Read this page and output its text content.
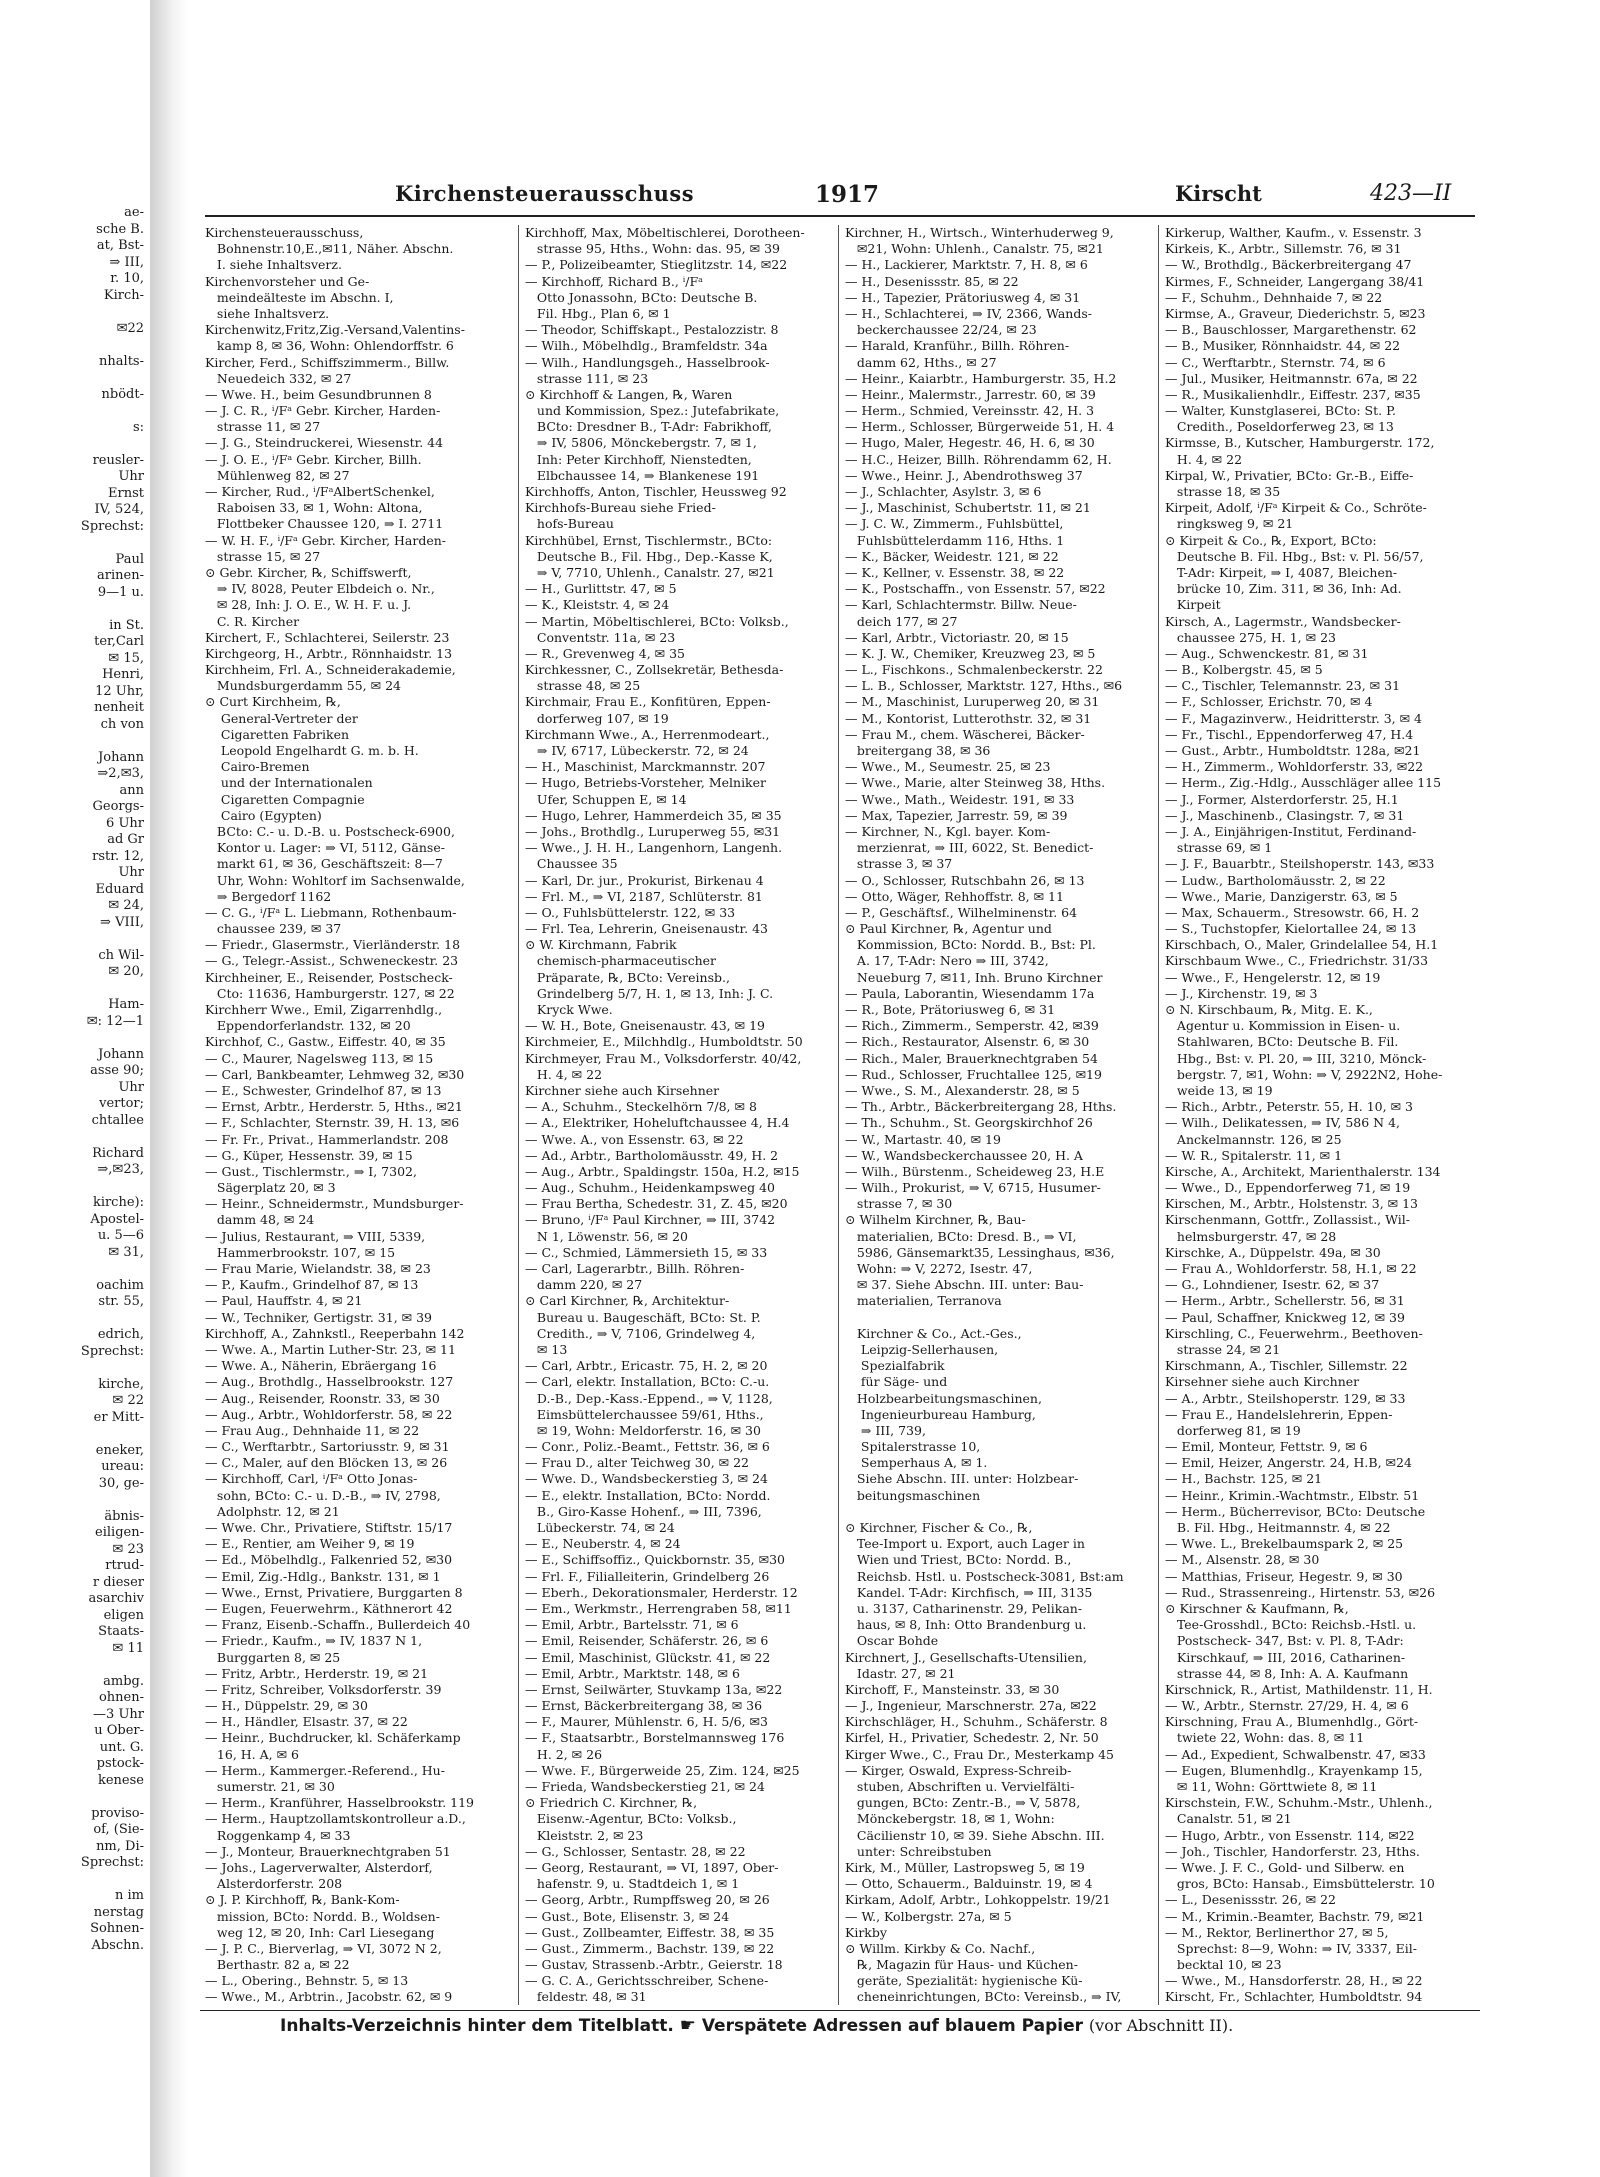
ae-
sche B.
at, Bst-
⇒ III,
r. 10,
Kirch-
✉22
nhalts-
nbödt-
s:
reusler-
Uhr
Ernst
IV, 524,
Sprechst:
Paul
arinen-
9—1 u.
in St.
ter,Carl
✉ 15,
Henri,
12 Uhr,
nenheit
ch von
Johann
⇒2,✉3,
ann
Georgs-
6 Uhr
ad Gr
rstr. 12,
Uhr
Eduard
✉ 24,
⇒ VIII,
ch Wil-
✉ 20,
Ham-
✉: 12—1
Johann
asse 90;
Uhr
vertor;
chtallee
Richard
⇒,✉23,
kirche):
Apostel-
u. 5—6
✉ 31,
oachim
str. 55,
edrich,
Sprechst:
kirche,
✉ 22
er Mitt-
eneker,
ureau:
30, ge-
äbnis-
eiligen-
✉ 23
rtrud-
r dieser
asarchiv
eligen
Staats-
✉ 11
ambg.
ohnen-
—3 Uhr
u Ober-
unt. G.
pstock-
kenese
proviso-
of, (Sie-
nm, Di-
Sprechst:
n im
nerstag
Sohnen-
Abschn.
Kirchensteuerausschuss	1917	Kirscht	423—II
Kirchensteuerausschuss,
Bohnenstr.10,E.,✉11, Näher. Abschn.
I. siehe Inhaltsverz.
Kirchenvorsteher und Ge-
meindeälteste im Abschn. I,
siehe Inhaltsverz.
Kirchenwitz,Fritz,Zig.-Versand,Valentins-
kamp 8, ✉ 36, Wohn: Ohlendorffstr. 6
Kircher, Ferd., Schiffszimmerm., Billw.
Neuedeich 332, ✉ 27
— Wwe. H., beim Gesundbrunnen 8
— J. C. R., ⁱ/Fᵃ Gebr. Kircher, Harden-
strasse 11, ✉ 27
— J. G., Steindruckerei, Wiesenstr. 44
— J. O. E., ⁱ/Fᵃ Gebr. Kircher, Billh.
Mühlenweg 82, ✉ 27
— Kircher, Rud., ⁱ/FᵃAlbertSchenkel,
Raboisen 33, ✉ 1, Wohn: Altona,
Flottbeker Chaussee 120, ⇒ I. 2711
— W. H. F., ⁱ/Fᵃ Gebr. Kircher, Harden-
strasse 15, ✉ 27
⊙ Gebr. Kircher, ℞, Schiffswerft,
⇒ IV, 8028, Peuter Elbdeich o. Nr.,
✉ 28, Inh: J. O. E., W. H. F. u. J.
C. R. Kircher
Kirchert, F., Schlachterei, Seilerstr. 23
Kirchgeorg, H., Arbtr., Rönnhaidstr. 13
Kirchheim, Frl. A., Schneiderakademie,
Mundsburgerdamm 55, ✉ 24
⊙ Curt Kirchheim, ℞,
General-Vertreter der
Cigaretten Fabriken
Leopold Engelhardt G. m. b. H.
Cairo-Bremen
und der Internationalen
Cigaretten Compagnie
Cairo (Egypten)
BCto: C.- u. D.-B. u. Postscheck-6900,
Kontor u. Lager: ⇒ VI, 5112, Gänse-
markt 61, ✉ 36, Geschäftszeit: 8—7
Uhr, Wohn: Wohltorf im Sachsenwalde,
⇒ Bergedorf 1162
— C. G., ⁱ/Fᵃ L. Liebmann, Rothenbaum-
chaussee 239, ✉ 37
— Friedr., Glasermstr., Vierländerstr. 18
— G., Telegr.-Assist., Schweneckestr. 23
Kirchheiner, E., Reisender, Postscheck-
Cto: 11636, Hamburgerstr. 127, ✉ 22
Kirchherr Wwe., Emil, Zigarrenhdlg.,
Eppendorferlandstr. 132, ✉ 20
Kirchhof, C., Gastw., Eiffestr. 40, ✉ 35
— C., Maurer, Nagelsweg 113, ✉ 15
— Carl, Bankbeamter, Lehmweg 32, ✉30
— E., Schwester, Grindelhof 87, ✉ 13
— Ernst, Arbtr., Herderstr. 5, Hths., ✉21
— F., Schlachter, Sternstr. 39, H. 13, ✉6
— Fr. Fr., Privat., Hammerlandstr. 208
— G., Küper, Hessenstr. 39, ✉ 15
— Gust., Tischlermstr., ⇒ I, 7302,
Sägerplatz 20, ✉ 3
— Heinr., Schneidermstr., Mundsburger-
damm 48, ✉ 24
— Julius, Restaurant, ⇒ VIII, 5339,
Hammerbrookstr. 107, ✉ 15
— Frau Marie, Wielandstr. 38, ✉ 23
— P., Kaufm., Grindelhof 87, ✉ 13
— Paul, Hauffstr. 4, ✉ 21
— W., Techniker, Gertigstr. 31, ✉ 39
Kirchhoff, A., Zahnkstl., Reeperbahn 142
— Wwe. A., Martin Luther-Str. 23, ✉ 11
— Wwe. A., Näherin, Ebräergang 16
— Aug., Brothdlg., Hasselbrookstr. 127
— Aug., Reisender, Roonstr. 33, ✉ 30
— Aug., Arbtr., Wohldorferstr. 58, ✉ 22
— Frau Aug., Dehnhaide 11, ✉ 22
— C., Werftarbtr., Sartoriusstr. 9, ✉ 31
— C., Maler, auf den Blöcken 13, ✉ 26
— Kirchhoff, Carl, ⁱ/Fᵃ Otto Jonas-
sohn, BCto: C.- u. D.-B., ⇒ IV, 2798,
Adolphstr. 12, ✉ 21
— Wwe. Chr., Privatiere, Stiftstr. 15/17
— E., Rentier, am Weiher 9, ✉ 19
— Ed., Möbelhdlg., Falkenried 52, ✉30
— Emil, Zig.-Hdlg., Bankstr. 131, ✉ 1
— Wwe., Ernst, Privatiere, Burggarten 8
— Eugen, Feuerwehrm., Käthnerort 42
— Franz, Eisenb.-Schaffn., Bullerdeich 40
— Friedr., Kaufm., ⇒ IV, 1837 N 1,
Burggarten 8, ✉ 25
— Fritz, Arbtr., Herderstr. 19, ✉ 21
— Fritz, Schreiber, Volksdorferstr. 39
— H., Düppelstr. 29, ✉ 30
— H., Händler, Elsastr. 37, ✉ 22
— Heinr., Buchdrucker, kl. Schäferkamp
16, H. A, ✉ 6
— Herm., Kammerger.-Referend., Hu-
sumerstr. 21, ✉ 30
— Herm., Kranführer, Hasselbrookstr. 119
— Herm., Hauptzollamtskontrolleur a.D.,
Roggenkamp 4, ✉ 33
— J., Monteur, Brauerknechtgraben 51
— Johs., Lagerverwalter, Alsterdorf,
Alsterdorferstr. 208
⊙ J. P. Kirchhoff, ℞, Bank-Kom-
mission, BCto: Nordd. B., Woldsen-
weg 12, ✉ 20, Inh: Carl Liesegang
— J. P. C., Bierverlag, ⇒ VI, 3072 N 2,
Berthastr. 82 a, ✉ 22
— L., Obering., Behnstr. 5, ✉ 13
— Wwe., M., Arbtrin., Jacobstr. 62, ✉ 9
Kirchhoff, Max, Möbeltischlerei, Dorotheen-
strasse 95, Hths., Wohn: das. 95, ✉ 39
— P., Polizeibeamter, Stieglitzstr. 14, ✉22
— Kirchhoff, Richard B., ⁱ/Fᵃ
Otto Jonassohn, BCto: Deutsche B.
Fil. Hbg., Plan 6, ✉ 1
— Theodor, Schiffskapt., Pestalozzistr. 8
— Wilh., Möbelhdlg., Bramfeldstr. 34a
— Wilh., Handlungsgeh., Hasselbrook-
strasse 111, ✉ 23
⊙ Kirchhoff & Langen, ℞, Waren
und Kommission, Spez.: Jutefabrikate,
BCto: Dresdner B., T-Adr: Fabrikhoff,
⇒ IV, 5806, Mönckebergstr. 7, ✉ 1,
Inh: Peter Kirchhoff, Nienstedten,
Elbchaussee 14, ⇒ Blankenese 191
Kirchhoffs, Anton, Tischler, Heussweg 92
Kirchhofs-Bureau siehe Fried-
hofs-Bureau
Kirchhübel, Ernst, Tischlermstr., BCto:
Deutsche B., Fil. Hbg., Dep.-Kasse K,
⇒ V, 7710, Uhlenh., Canalstr. 27, ✉21
— H., Gurlittstr. 47, ✉ 5
— K., Kleiststr. 4, ✉ 24
— Martin, Möbeltischlerei, BCto: Volksb.,
Conventstr. 11a, ✉ 23
— R., Grevenweg 4, ✉ 35
Kirchkessner, C., Zollsekretär, Bethesda-
strasse 48, ✉ 25
Kirchmair, Frau E., Konfitüren, Eppen-
dorferweg 107, ✉ 19
Kirchmann Wwe., A., Herrenmodeart.,
⇒ IV, 6717, Lübeckerstr. 72, ✉ 24
— H., Maschinist, Marckmannstr. 207
— Hugo, Betriebs-Vorsteher, Melniker
Ufer, Schuppen E, ✉ 14
— Hugo, Lehrer, Hammerdeich 35, ✉ 35
— Johs., Brothdlg., Luruperweg 55, ✉31
— Wwe., J. H. H., Langenhorn, Langenh.
Chaussee 35
— Karl, Dr. jur., Prokurist, Birkenau 4
— Frl. M., ⇒ VI, 2187, Schlüterstr. 81
— O., Fuhlsbüttelerstr. 122, ✉ 33
— Frl. Tea, Lehrerin, Gneisenaustr. 43
⊙ W. Kirchmann, Fabrik
chemisch-pharmaceutischer
Präparate, ℞, BCto: Vereinsb.,
Grindelberg 5/7, H. 1, ✉ 13, Inh: J. C.
Kryck Wwe.
— W. H., Bote, Gneisenaustr. 43, ✉ 19
Kirchmeier, E., Milchhdlg., Humboldtstr. 50
Kirchmeyer, Frau M., Volksdorferstr. 40/42,
H. 4, ✉ 22
Kirchner siehe auch Kirsehner
— A., Schuhm., Steckelhörn 7/8, ✉ 8
— A., Elektriker, Hoheluftchaussee 4, H.4
— Wwe. A., von Essenstr. 63, ✉ 22
— Ad., Arbtr., Bartholomäusstr. 49, H. 2
— Aug., Arbtr., Spaldingstr. 150a, H.2, ✉15
— Aug., Schuhm., Heidenkampsweg 40
— Frau Bertha, Schedestr. 31, Z. 45, ✉20
— Bruno, ⁱ/Fᵃ Paul Kirchner, ⇒ III, 3742
N 1, Löwenstr. 56, ✉ 20
— C., Schmied, Lämmersieth 15, ✉ 33
— Carl, Lagerarbtr., Billh. Röhren-
damm 220, ✉ 27
⊙ Carl Kirchner, ℞, Architektur-
Bureau u. Baugeschäft, BCto: St. P.
Credith., ⇒ V, 7106, Grindelweg 4,
✉ 13
— Carl, Arbtr., Ericastr. 75, H. 2, ✉ 20
— Carl, elektr. Installation, BCto: C.-u.
D.-B., Dep.-Kass.-Eppend., ⇒ V, 1128,
Eimsbüttelerchaussee 59/61, Hths.,
✉ 19, Wohn: Meldorferstr. 16, ✉ 30
— Conr., Poliz.-Beamt., Fettstr. 36, ✉ 6
— Frau D., alter Teichweg 30, ✉ 22
— Wwe. D., Wandsbeckerstieg 3, ✉ 24
— E., elektr. Installation, BCto: Nordd.
B., Giro-Kasse Hohenf., ⇒ III, 7396,
Lübeckerstr. 74, ✉ 24
— E., Neuberstr. 4, ✉ 24
— E., Schiffsoffiz., Quickbornstr. 35, ✉30
— Frl. F., Filialleiterin, Grindelberg 26
— Eberh., Dekorationsmaler, Herderstr. 12
— Em., Werkmstr., Herrengraben 58, ✉11
— Emil, Arbtr., Bartelsstr. 71, ✉ 6
— Emil, Reisender, Schäferstr. 26, ✉ 6
— Emil, Maschinist, Glückstr. 41, ✉ 22
— Emil, Arbtr., Marktstr. 148, ✉ 6
— Ernst, Seilwärter, Stuvkamp 13a, ✉22
— Ernst, Bäckerbreitergang 38, ✉ 36
— F., Maurer, Mühlenstr. 6, H. 5/6, ✉3
— F., Staatsarbtr., Borstelmannsweg 176
H. 2, ✉ 26
— Wwe. F., Bürgerweide 25, Zim. 124, ✉25
— Frieda, Wandsbeckerstieg 21, ✉ 24
⊙ Friedrich C. Kirchner, ℞,
Eisenw.-Agentur, BCto: Volksb.,
Kleiststr. 2, ✉ 23
— G., Schlosser, Sentastr. 28, ✉ 22
— Georg, Restaurant, ⇒ VI, 1897, Ober-
hafenstr. 9, u. Stadtdeich 1, ✉ 1
— Georg, Arbtr., Rumpffsweg 20, ✉ 26
— Gust., Bote, Elisenstr. 3, ✉ 24
— Gust., Zollbeamter, Eiffestr. 38, ✉ 35
— Gust., Zimmerm., Bachstr. 139, ✉ 22
— Gustav, Strassenb.-Arbtr., Geierstr. 18
— G. C. A., Gerichtsschreiber, Schene-
feldestr. 48, ✉ 31
Kirchner, H., Wirtsch., Winterhuderweg 9,
✉21, Wohn: Uhlenh., Canalstr. 75, ✉21
— H., Lackierer, Marktstr. 7, H. 8, ✉ 6
— H., Desenissstr. 85, ✉ 22
— H., Tapezier, Prätoriusweg 4, ✉ 31
— H., Schlachterei, ⇒ IV, 2366, Wands-
beckerchaussee 22/24, ✉ 23
— Harald, Kranführ., Billh. Röhren-
damm 62, Hths., ✉ 27
— Heinr., Kaiarbtr., Hamburgerstr. 35, H.2
— Heinr., Malermstr., Jarrestr. 60, ✉ 39
— Herm., Schmied, Vereinsstr. 42, H. 3
— Herm., Schlosser, Bürgerweide 51, H. 4
— Hugo, Maler, Hegestr. 46, H. 6, ✉ 30
— H.C., Heizer, Billh. Röhrendamm 62, H.
— Wwe., Heinr. J., Abendrothsweg 37
— J., Schlachter, Asylstr. 3, ✉ 6
— J., Maschinist, Schubertstr. 11, ✉ 21
— J. C. W., Zimmerm., Fuhlsbüttel,
Fuhlsbüttelerdamm 116, Hths. 1
— K., Bäcker, Weidestr. 121, ✉ 22
— K., Kellner, v. Essenstr. 38, ✉ 22
— K., Postschaffn., von Essenstr. 57, ✉22
— Karl, Schlachtermstr. Billw. Neue-
deich 177, ✉ 27
— Karl, Arbtr., Victoriastr. 20, ✉ 15
— K. J. W., Chemiker, Kreuzweg 23, ✉ 5
— L., Fischkons., Schmalenbeckerstr. 22
— L. B., Schlosser, Marktstr. 127, Hths., ✉6
— M., Maschinist, Luruperweg 20, ✉ 31
— M., Kontorist, Lutterothstr. 32, ✉ 31
— Frau M., chem. Wäscherei, Bäcker-
breitergang 38, ✉ 36
— Wwe., M., Seumestr. 25, ✉ 23
— Wwe., Marie, alter Steinweg 38, Hths.
— Wwe., Math., Weidestr. 191, ✉ 33
— Max, Tapezier, Jarrestr. 59, ✉ 39
— Kirchner, N., Kgl. bayer. Kom-
merzienrat, ⇒ III, 6022, St. Benedict-
strasse 3, ✉ 37
— O., Schlosser, Rutschbahn 26, ✉ 13
— Otto, Wäger, Rehhoffstr. 8, ✉ 11
— P., Geschäftsf., Wilhelminenstr. 64
⊙ Paul Kirchner, ℞, Agentur und
Kommission, BCto: Nordd. B., Bst: Pl.
A. 17, T-Adr: Nero ⇒ III, 3742,
Neueburg 7, ✉11, Inh. Bruno Kirchner
— Paula, Laborantin, Wiesendamm 17a
— R., Bote, Prätoriusweg 6, ✉ 31
— Rich., Zimmerm., Semperstr. 42, ✉39
— Rich., Restaurator, Alsenstr. 6, ✉ 30
— Rich., Maler, Brauerknechtgraben 54
— Rud., Schlosser, Fruchtallee 125, ✉19
— Wwe., S. M., Alexanderstr. 28, ✉ 5
— Th., Arbtr., Bäckerbreitergang 28, Hths.
— Th., Schuhm., St. Georgskirchhof 26
— W., Martastr. 40, ✉ 19
— W., Wandsbeckerchaussee 20, H. A
— Wilh., Bürstenm., Scheideweg 23, H.E
— Wilh., Prokurist, ⇒ V, 6715, Husumer-
strasse 7, ✉ 30
⊙ Wilhelm Kirchner, ℞, Bau-
materialien, BCto: Dresd. B., ⇒ VI,
5986, Gänsemarkt35, Lessinghaus, ✉36,
Wohn: ⇒ V, 2272, Isestr. 47,
✉ 37. Siehe Abschn. III. unter: Bau-
materialien, Terranova
Kirchner & Co., Act.-Ges.,
Leipzig-Sellerhausen,
Spezialfabrik
für Säge- und
Holzbearbeitungsmaschinen,
Ingenieurbureau Hamburg,
⇒ III, 739,
Spitalerstrasse 10,
Semperhaus A, ✉ 1.
Siehe Abschn. III. unter: Holzbear-
beitungsmaschinen
⊙ Kirchner, Fischer & Co., ℞,
Tee-Import u. Export, auch Lager in
Wien und Triest, BCto: Nordd. B.,
Reichsb. Hstl. u. Postscheck-3081, Bst:am
Kandel. T-Adr: Kirchfisch, ⇒ III, 3135
u. 3137, Catharinenstr. 29, Pelikan-
haus, ✉ 8, Inh: Otto Brandenburg u.
Oscar Bohde
Kirchnert, J., Gesellschafts-Utensilien,
Idastr. 27, ✉ 21
Kirchoff, F., Mansteinstr. 33, ✉ 30
— J., Ingenieur, Marschnerstr. 27a, ✉22
Kirchschläger, H., Schuhm., Schäferstr. 8
Kirfel, H., Privatier, Schedestr. 2, Nr. 50
Kirger Wwe., C., Frau Dr., Mesterkamp 45
— Kirger, Oswald, Express-Schreib-
stuben, Abschriften u. Vervielfälti-
gungen, BCto: Zentr.-B., ⇒ V, 5878,
Mönckebergstr. 18, ✉ 1, Wohn:
Cäcilienstr 10, ✉ 39. Siehe Abschn. III.
unter: Schreibstuben
Kirk, M., Müller, Lastropsweg 5, ✉ 19
— Otto, Schauerm., Balduinstr. 19, ✉ 4
Kirkam, Adolf, Arbtr., Lohkoppelstr. 19/21
— W., Kolbergstr. 27a, ✉ 5
Kirkby
⊙ Willm. Kirkby & Co. Nachf.,
℞, Magazin für Haus- und Küchen-
geräte, Spezialität: hygienische Kü-
cheneinrichtungen, BCto: Vereinsb., ⇒ IV,
Kirkerup, Walther, Kaufm., v. Essenstr. 3
Kirkeis, K., Arbtr., Sillemstr. 76, ✉ 31
— W., Brothdlg., Bäckerbreitergang 47
Kirmes, F., Schneider, Langergang 38/41
— F., Schuhm., Dehnhaide 7, ✉ 22
Kirmse, A., Graveur, Diederichstr. 5, ✉23
— B., Bauschlosser, Margarethenstr. 62
— B., Musiker, Rönnhaidstr. 44, ✉ 22
— C., Werftarbtr., Sternstr. 74, ✉ 6
— Jul., Musiker, Heitmannstr. 67a, ✉ 22
— R., Musikalienhdlr., Eiffestr. 237, ✉35
— Walter, Kunstglaserei, BCto: St. P.
Credith., Poseldorferweg 23, ✉ 13
Kirmsse, B., Kutscher, Hamburgerstr. 172,
H. 4, ✉ 22
Kirpal, W., Privatier, BCto: Gr.-B., Eiffe-
strasse 18, ✉ 35
Kirpeit, Adolf, ⁱ/Fᵃ Kirpeit & Co., Schröte-
ringksweg 9, ✉ 21
⊙ Kirpeit & Co., ℞, Export, BCto:
Deutsche B. Fil. Hbg., Bst: v. Pl. 56/57,
T-Adr: Kirpeit, ⇒ I, 4087, Bleichen-
brücke 10, Zim. 311, ✉ 36, Inh: Ad.
Kirpeit
Kirsch, A., Lagermstr., Wandsbecker-
chaussee 275, H. 1, ✉ 23
— Aug., Schwenckestr. 81, ✉ 31
— B., Kolbergstr. 45, ✉ 5
— C., Tischler, Telemannstr. 23, ✉ 31
— F., Schlosser, Erichstr. 70, ✉ 4
— F., Magazinverw., Heidritterstr. 3, ✉ 4
— Fr., Tischl., Eppendorferweg 47, H.4
— Gust., Arbtr., Humboldtstr. 128a, ✉21
— H., Zimmerm., Wohldorferstr. 33, ✉22
— Herm., Zig.-Hdlg., Ausschläger allee 115
— J., Former, Alsterdorferstr. 25, H.1
— J., Maschinenb., Clasingstr. 7, ✉ 31
— J. A., Einjährigen-Institut, Ferdinand-
strasse 69, ✉ 1
— J. F., Bauarbtr., Steilshoperstr. 143, ✉33
— Ludw., Bartholomäusstr. 2, ✉ 22
— Wwe., Marie, Danzigerstr. 63, ✉ 5
— Max, Schauerm., Stresowstr. 66, H. 2
— S., Tuchstopfer, Kielortallee 24, ✉ 13
Kirschbach, O., Maler, Grindelallee 54, H.1
Kirschbaum Wwe., C., Friedrichstr. 31/33
— Wwe., F., Hengelerstr. 12, ✉ 19
— J., Kirchenstr. 19, ✉ 3
⊙ N. Kirschbaum, ℞, Mitg. E. K.,
Agentur u. Kommission in Eisen- u.
Stahlwaren, BCto: Deutsche B. Fil.
Hbg., Bst: v. Pl. 20, ⇒ III, 3210, Mönck-
bergstr. 7, ✉1, Wohn: ⇒ V, 2922N2, Hohe-
weide 13, ✉ 19
— Rich., Arbtr., Peterstr. 55, H. 10, ✉ 3
— Wilh., Delikatessen, ⇒ IV, 586 N 4,
Anckelmannstr. 126, ✉ 25
— W. R., Spitalerstr. 11, ✉ 1
Kirsche, A., Architekt, Marienthalerstr. 134
— Wwe., D., Eppendorferweg 71, ✉ 19
Kirschen, M., Arbtr., Holstenstr. 3, ✉ 13
Kirschenmann, Gottfr., Zollassist., Wil-
helmsburgerstr. 47, ✉ 28
Kirschke, A., Düppelstr. 49a, ✉ 30
— Frau A., Wohldorferstr. 58, H.1, ✉ 22
— G., Lohndiener, Isestr. 62, ✉ 37
— Herm., Arbtr., Schellerstr. 56, ✉ 31
— Paul, Schaffner, Knickweg 12, ✉ 39
Kirschling, C., Feuerwehrm., Beethoven-
strasse 24, ✉ 21
Kirschmann, A., Tischler, Sillemstr. 22
Kirsehner siehe auch Kirchner
— A., Arbtr., Steilshoperstr. 129, ✉ 33
— Frau E., Handelslehrerin, Eppen-
dorferweg 81, ✉ 19
— Emil, Monteur, Fettstr. 9, ✉ 6
— Emil, Heizer, Angerstr. 24, H.B, ✉24
— H., Bachstr. 125, ✉ 21
— Heinr., Krimin.-Wachtmstr., Elbstr. 51
— Herm., Bücherrevisor, BCto: Deutsche
B. Fil. Hbg., Heitmannstr. 4, ✉ 22
— Wwe. L., Brekelbaumspark 2, ✉ 25
— M., Alsenstr. 28, ✉ 30
— Matthias, Friseur, Hegestr. 9, ✉ 30
— Rud., Strassenreing., Hirtenstr. 53, ✉26
⊙ Kirschner & Kaufmann, ℞,
Tee-Grosshdl., BCto: Reichsb.-Hstl. u.
Postscheck- 347, Bst: v. Pl. 8, T-Adr:
Kirschkauf, ⇒ III, 2016, Catharinen-
strasse 44, ✉ 8, Inh: A. A. Kaufmann
Kirschnick, R., Artist, Mathildenstr. 11, H.
— W., Arbtr., Sternstr. 27/29, H. 4, ✉ 6
Kirschning, Frau A., Blumenhdlg., Gört-
twiete 22, Wohn: das. 8, ✉ 11
— Ad., Expedient, Schwalbenstr. 47, ✉33
— Eugen, Blumenhdlg., Krayenkamp 15,
✉ 11, Wohn: Görttwiete 8, ✉ 11
Kirschstein, F.W., Schuhm.-Mstr., Uhlenh.,
Canalstr. 51, ✉ 21
— Hugo, Arbtr., von Essenstr. 114, ✉22
— Joh., Tischler, Handorferstr. 23, Hths.
— Wwe. J. F. C., Gold- und Silberw. en
gros, BCto: Hansab., Eimsbüttelerstr. 10
— L., Desenissstr. 26, ✉ 22
— M., Krimin.-Beamter, Bachstr. 79, ✉21
— M., Rektor, Berlinerthor 27, ✉ 5,
Sprechst: 8—9, Wohn: ⇒ IV, 3337, Eil-
becktal 10, ✉ 23
— Wwe., M., Hansdorferstr. 28, H., ✉ 22
Kirscht, Fr., Schlachter, Humboldtstr. 94
Inhalts-Verzeichnis hinter dem Titelblatt. ☛ Verspätete Adressen auf blauem Papier (vor Abschnitt II).
